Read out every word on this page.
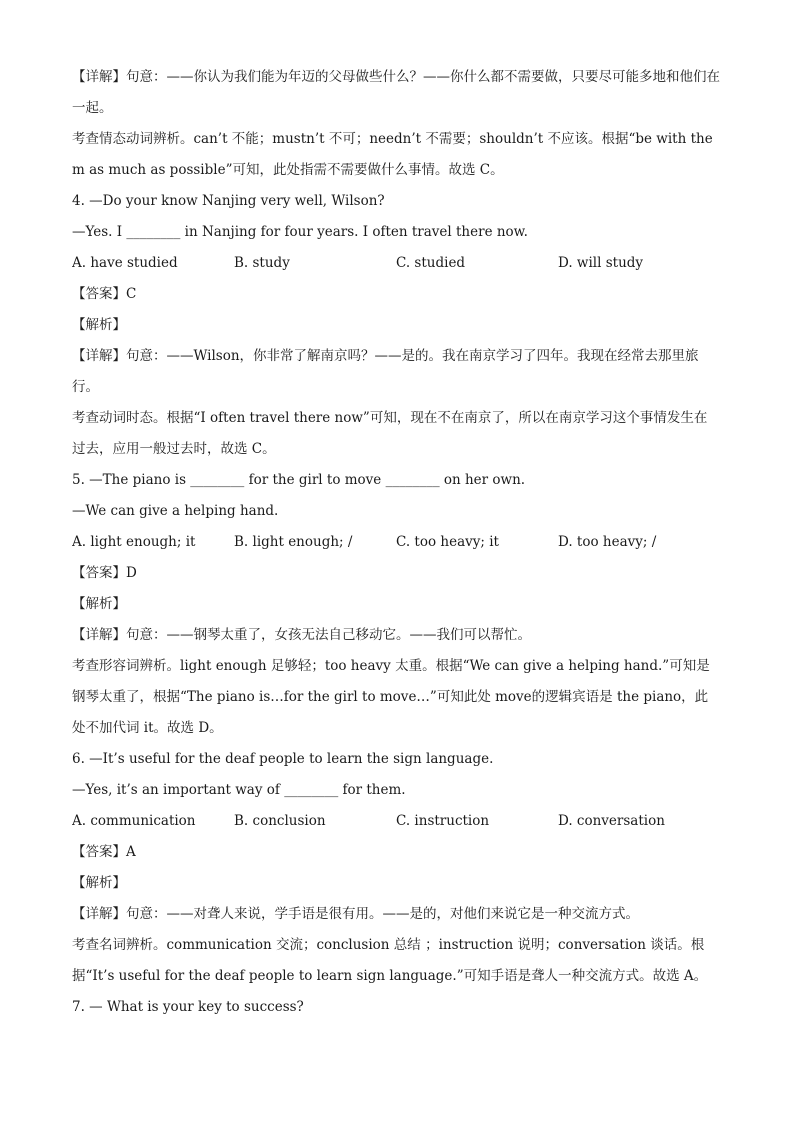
【详解】句意：——你认为我们能为年迈的父母做些什么？——你什么都不需要做，只要尽可能多地和他们在一起。
考查情态动词辨析。can’t 不能；mustn’t 不可；needn’t 不需要；shouldn’t 不应该。根据“be with them as much as possible”可知，此处指需不需要做什么事情。故选 C。
4. —Do your know Nanjing very well, Wilson?
—Yes. I ________ in Nanjing for four years. I often travel there now.
A. have studied	B. study	C. studied	D. will study
【答案】C
【解析】
【详解】句意：——Wilson，你非常了解南京吗？——是的。我在南京学习了四年。我现在经常去那里旅行。
考查动词时态。根据“I often travel there now”可知，现在不在南京了，所以在南京学习这个事情发生在过去，应用一般过去时，故选 C。
5. —The piano is ________ for the girl to move ________ on her own.
—We can give a helping hand.
A. light enough; it	B. light enough; /	C. too heavy; it	D. too heavy; /
【答案】D
【解析】
【详解】句意：——钢琴太重了，女孩无法自己移动它。——我们可以帮忙。
考查形容词辨析。light enough 足够轻；too heavy 太重。根据“We can give a helping hand.”可知是钢琴太重了，根据“The piano is…for the girl to move…”可知此处 move的逻辑宾语是 the piano，此处不加代词 it。故选 D。
6. —It’s useful for the deaf people to learn the sign language.
—Yes, it’s an important way of ________ for them.
A. communication	B. conclusion	C. instruction	D. conversation
【答案】A
【解析】
【详解】句意：——对聋人来说，学手语是很有用。——是的，对他们来说它是一种交流方式。
考查名词辨析。communication 交流；conclusion 总结 ；instruction 说明；conversation 谈话。根据“It’s useful for the deaf people to learn sign language.”可知手语是聋人一种交流方式。故选 A。
7. — What is your key to success?
